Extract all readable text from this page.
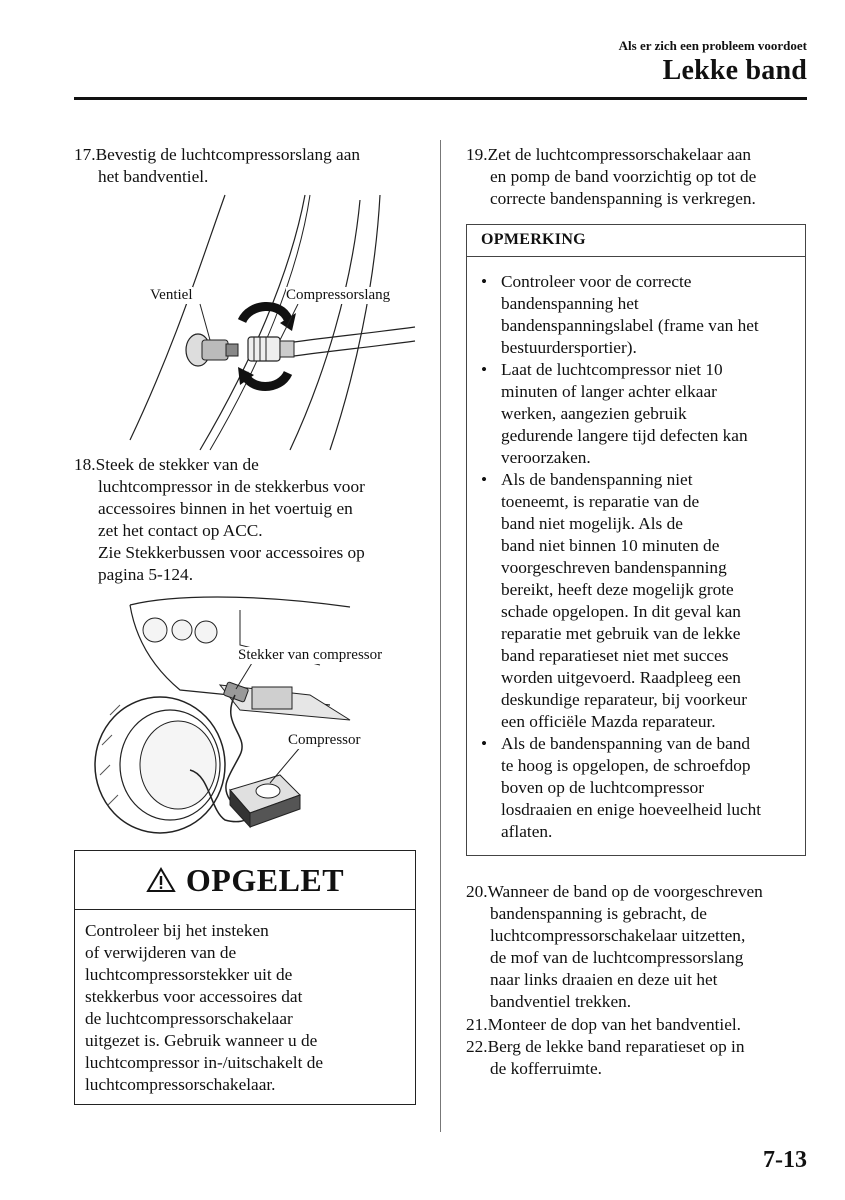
Als er zich een probleem voordoet
Lekke band
17.Bevestig de luchtcompressorslang aan
het bandventiel.
Ventiel	Compressorslang
18.Steek de stekker van de
luchtcompressor in de stekkerbus voor
accessoires binnen in het voertuig en
zet het contact op ACC.
Zie Stekkerbussen voor accessoires op
pagina 5-124.
Stekker van compressor
Compressor
OPGELET
Controleer bij het insteken
of verwijderen van de
luchtcompressorstekker uit de
stekkerbus voor accessoires dat
de luchtcompressorschakelaar
uitgezet is. Gebruik wanneer u de
luchtcompressor in-/uitschakelt de
luchtcompressorschakelaar.
19.Zet de luchtcompressorschakelaar aan
en pomp de band voorzichtig op tot de
correcte bandenspanning is verkregen.
OPMERKING
• Controleer voor de correcte
bandenspanning het
bandenspanningslabel (frame van het
bestuurdersportier).
• Laat de luchtcompressor niet 10
minuten of langer achter elkaar
werken, aangezien gebruik
gedurende langere tijd defecten kan
veroorzaken.
• Als de bandenspanning niet
toeneemt, is reparatie van de
band niet mogelijk. Als de
band niet binnen 10 minuten de
voorgeschreven bandenspanning
bereikt, heeft deze mogelijk grote
schade opgelopen. In dit geval kan
reparatie met gebruik van de lekke
band reparatieset niet met succes
worden uitgevoerd. Raadpleeg een
deskundige reparateur, bij voorkeur
een officiële Mazda reparateur.
• Als de bandenspanning van de band
te hoog is opgelopen, de schroefdop
boven op de luchtcompressor
losdraaien en enige hoeveelheid lucht
aflaten.
20.Wanneer de band op de voorgeschreven
bandenspanning is gebracht, de
luchtcompressorschakelaar uitzetten,
de mof van de luchtcompressorslang
naar links draaien en deze uit het
bandventiel trekken.
21.Monteer de dop van het bandventiel.
22.Berg de lekke band reparatieset op in
de kofferruimte.
7-13
